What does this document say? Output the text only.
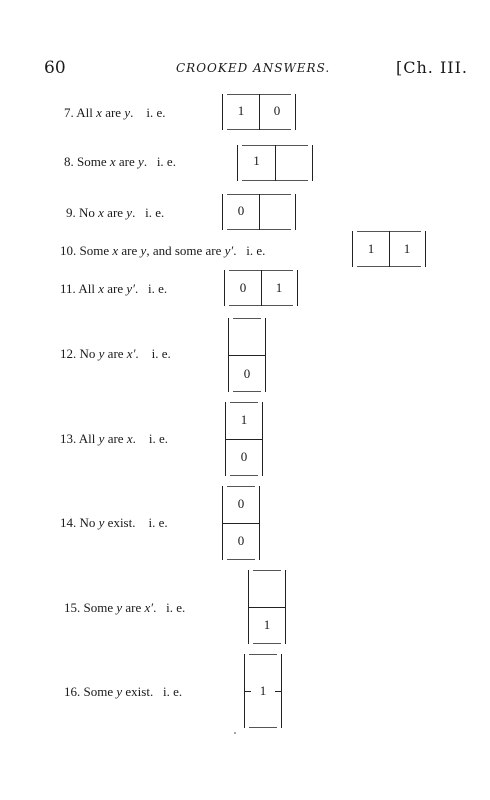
60	CROOKED ANSWERS.	[Ch. III.
7. All x are y. i. e.	1	0
8. Some x are y. i. e.	1
9. No x are y. i. e.	0
10. Some x are y, and some are y′. i. e.	1	1
11. All x are y′. i. e.	0	1
12. No y are x′. i. e.
0
13. All y are x. i. e.
1
0
14. No y exist. i. e.
0
0
15. Some y are x′. i. e.
1
16. Some y exist. i. e.	1
